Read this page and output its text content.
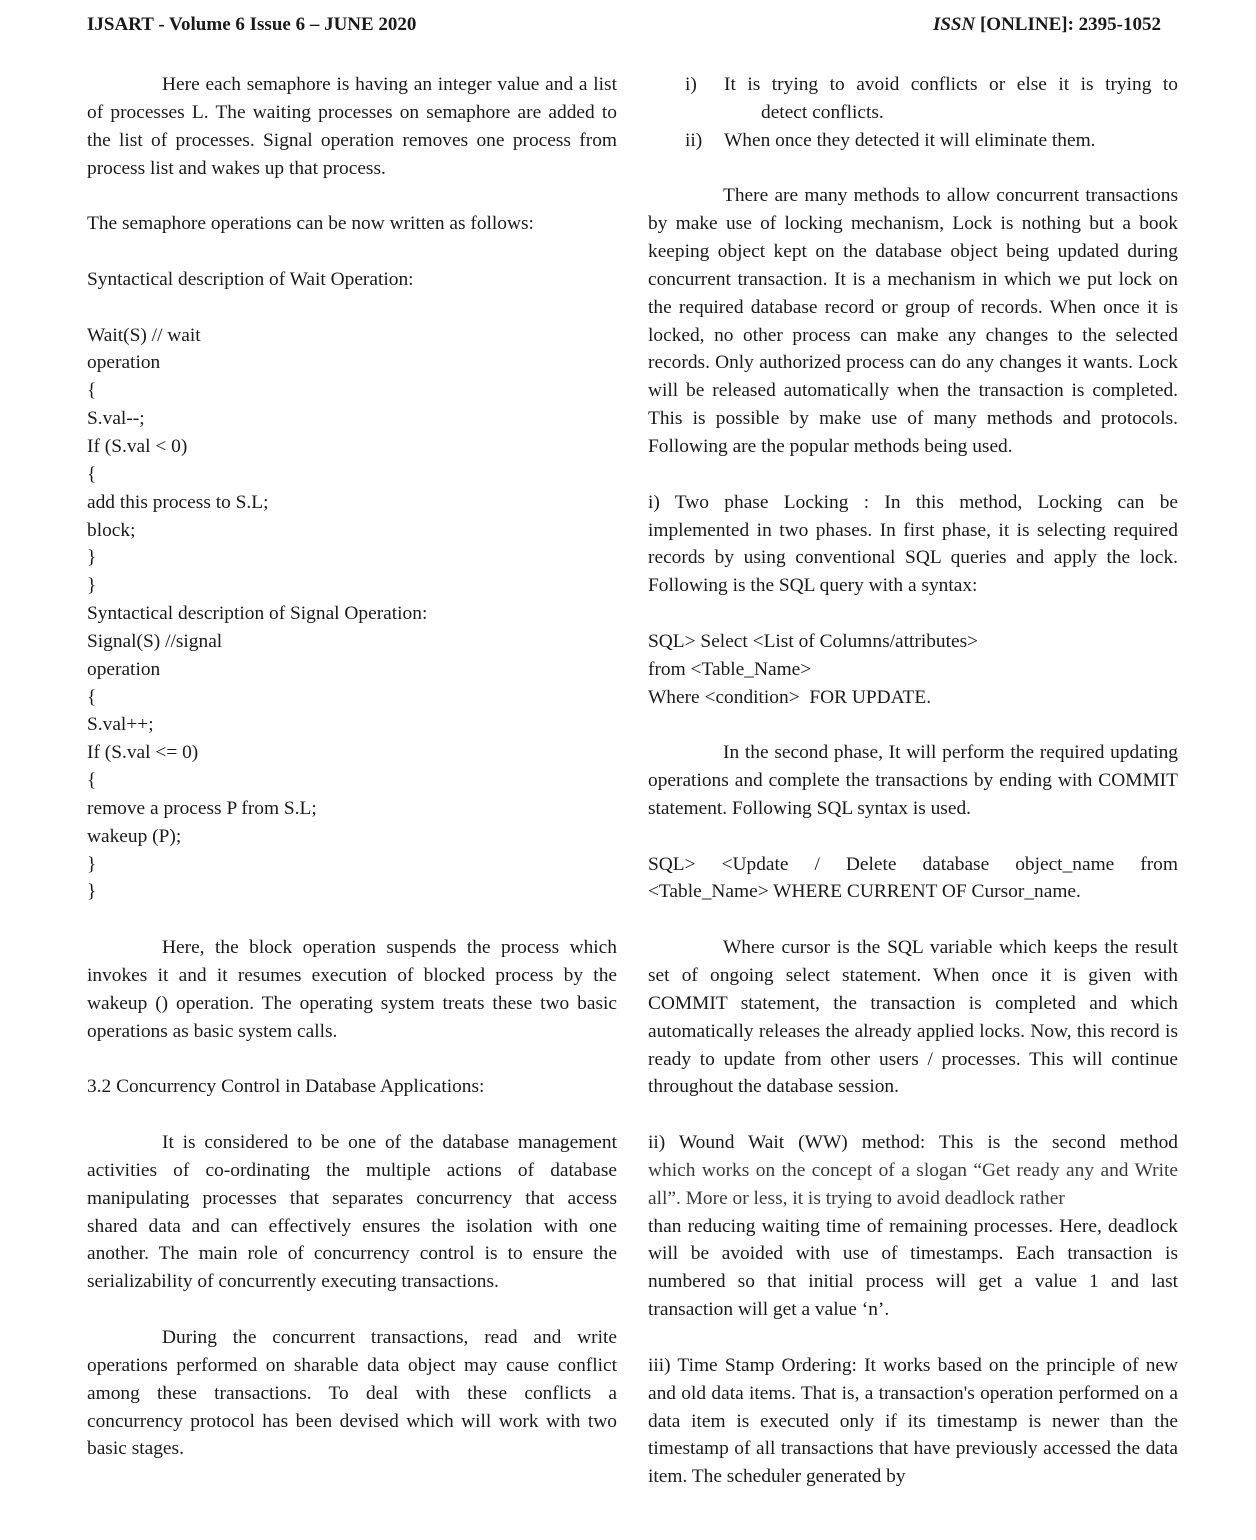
IJSART - Volume 6 Issue 6 – JUNE 2020	ISSN [ONLINE]: 2395-1052

Here each semaphore is having an integer value and a list of processes L. The waiting processes on semaphore are added to the list of processes. Signal operation removes one process from process list and wakes up that process.

The semaphore operations can be now written as follows:

Syntactical description of Wait Operation:

Wait(S) // wait

operation

{

S.val--;

If (S.val < 0)

{

add this process to S.L;

block;

}

}

Syntactical description of Signal Operation:

Signal(S) //signal

operation

{

S.val++;

If (S.val <= 0)

{

remove a process P from S.L;

wakeup (P);

}

}

Here, the block operation suspends the process which invokes it and it resumes execution of blocked process by the wakeup () operation. The operating system treats these two basic operations as basic system calls.

3.2 Concurrency Control in Database Applications:

It is considered to be one of the database management activities of co-ordinating the multiple actions of database manipulating processes that separates concurrency that access shared data and can effectively ensures the isolation with one another. The main role of concurrency control is to ensure the serializability of concurrently executing transactions.

During the concurrent transactions, read and write operations performed on sharable data object may cause conflict among these transactions. To deal with these conflicts a concurrency protocol has been devised which will work with two basic stages.

i) It is trying to avoid conflicts or else it is trying to
detect conflicts.
ii) When once they detected it will eliminate them.

There are many methods to allow concurrent transactions by make use of locking mechanism, Lock is nothing but a book keeping object kept on the database object being updated during concurrent transaction. It is a mechanism in which we put lock on the required database record or group of records. When once it is locked, no other process can make any changes to the selected records. Only authorized process can do any changes it wants. Lock will be released automatically when the transaction is completed. This is possible by make use of many methods and protocols. Following are the popular methods being used.

i) Two phase Locking : In this method, Locking can be implemented in two phases. In first phase, it is selecting required records by using conventional SQL queries and apply the lock. Following is the SQL query with a syntax:

SQL> Select <List of Columns/attributes>

from <Table_Name>

Where <condition>  FOR UPDATE.

In the second phase, It will perform the required updating operations and complete the transactions by ending with COMMIT statement. Following SQL syntax is used.

SQL> <Update / Delete database object_name from

<Table_Name> WHERE CURRENT OF Cursor_name.

Where cursor is the SQL variable which keeps the result set of ongoing select statement. When once it is given with COMMIT statement, the transaction is completed and which automatically releases the already applied locks. Now, this record is ready to update from other users / processes. This will continue throughout the database session.

ii) Wound Wait (WW) method: This is the second method

which works on the concept of a slogan “Get ready any and Write all”. More or less, it is trying to avoid deadlock rather

than reducing waiting time of remaining processes. Here, deadlock will be avoided with use of timestamps. Each transaction is numbered so that initial process will get a value 1 and last transaction will get a value ‘n’.

iii) Time Stamp Ordering: It works based on the principle of new and old data items. That is, a transaction's operation performed on a data item is executed only if its timestamp is newer than the timestamp of all transactions that have previously accessed the data item. The scheduler generated by
